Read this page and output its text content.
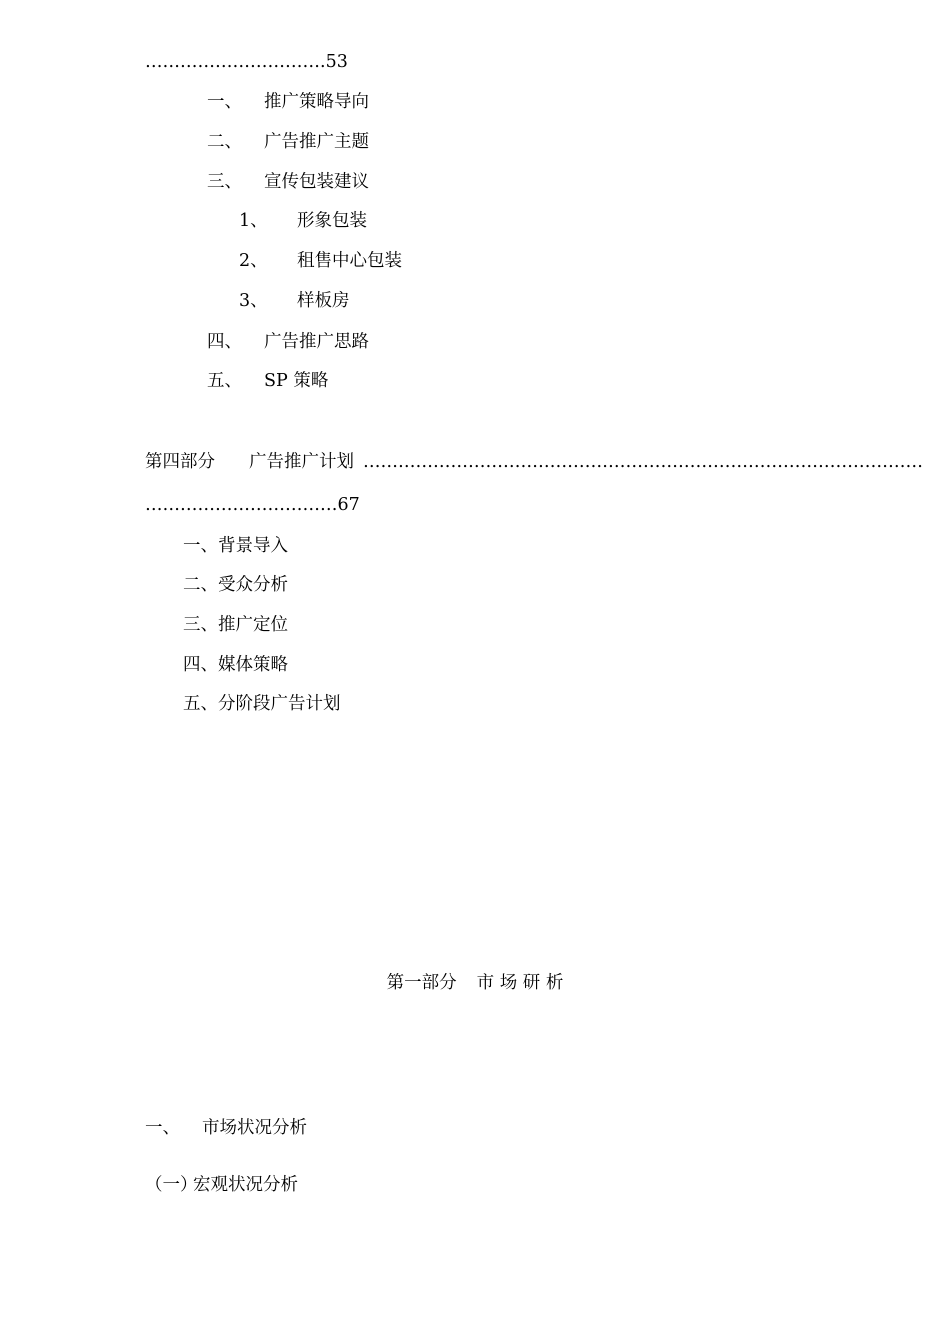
………………………….53
一、 推广策略导向
二、 广告推广主题
三、 宣传包装建议
1、 形象包装
2、 租售中心包装
3、 样板房
四、 广告推广思路
五、 SP 策略
第四部分 广告推广计划 ……………………………………………………………………………………
……………………………67
一、背景导入
二、受众分析
三、推广定位
四、媒体策略
五、分阶段广告计划
第一部分 市 场 研 析
一、 市场状况分析
（一）宏观状况分析
